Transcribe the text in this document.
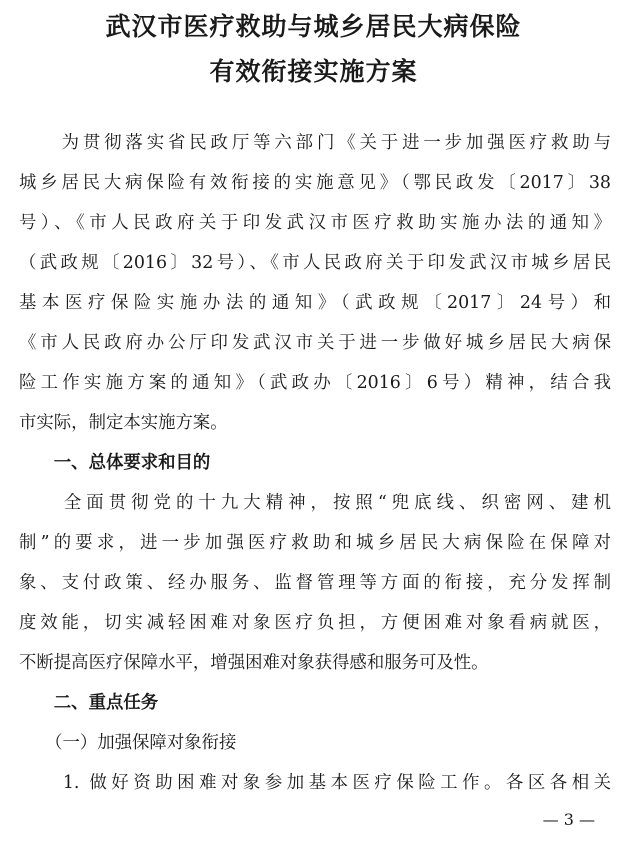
武汉市医疗救助与城乡居民大病保险
有效衔接实施方案

　　为贯彻落实省民政厅等六部门《关于进一步加强医疗救助与

城乡居民大病保险有效衔接的实施意见》（鄂民政发〔2017〕38

号）、《市人民政府关于印发武汉市医疗救助实施办法的通知》

（武政规〔2016〕32号）、《市人民政府关于印发武汉市城乡居民

基本医疗保险实施办法的通知》（武政规〔2017〕24号）和

《市人民政府办公厅印发武汉市关于进一步做好城乡居民大病保

险工作实施方案的通知》（武政办〔2016〕6号）精神，结合我

市实际，制定本实施方案。

　　一、总体要求和目的

　　全面贯彻党的十九大精神，按照“兜底线、织密网、建机

制”的要求，进一步加强医疗救助和城乡居民大病保险在保障对

象、支付政策、经办服务、监督管理等方面的衔接，充分发挥制

度效能，切实减轻困难对象医疗负担，方便困难对象看病就医，

不断提高医疗保障水平，增强困难对象获得感和服务可及性。

　　二、重点任务

　　（一）加强保障对象衔接

　　1. 做好资助困难对象参加基本医疗保险工作。各区各相关

— 3 —
